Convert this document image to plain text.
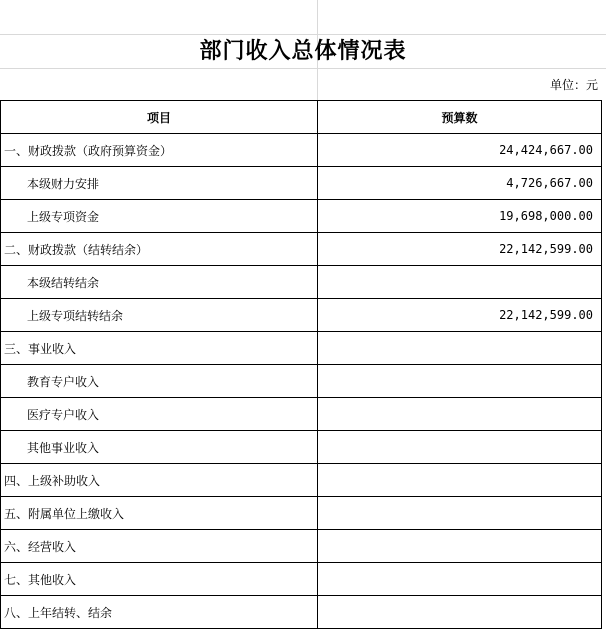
部门收入总体情况表
单位：元
项目	预算数
一、财政拨款（政府预算资金）	24,424,667.00
本级财力安排	4,726,667.00
上级专项资金	19,698,000.00
二、财政拨款（结转结余）	22,142,599.00
本级结转结余	
上级专项结转结余	22,142,599.00
三、事业收入	
教育专户收入	
医疗专户收入	
其他事业收入	
四、上级补助收入	
五、附属单位上缴收入	
六、经营收入	
七、其他收入	
八、上年结转、结余	
